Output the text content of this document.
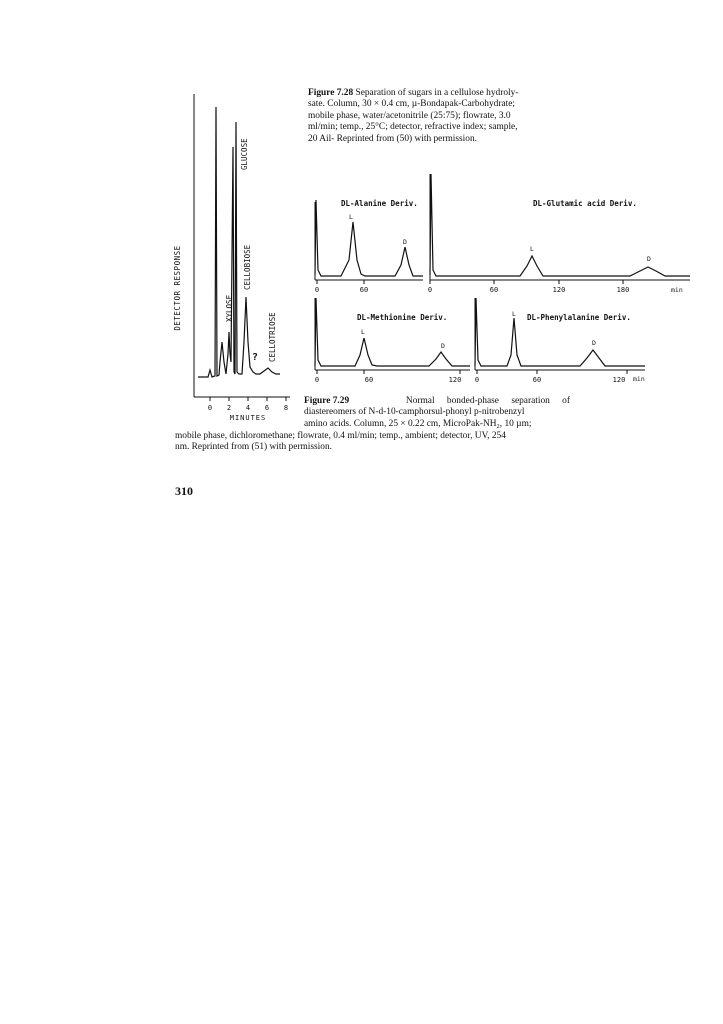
Figure 7.28 Separation of sugars in a cellulose hydroly-
sate. Column, 30 × 0.4 cm, µ-Bondapak-Carbohydrate;
mobile phase, water/acetonitrile (25:75); flowrate, 3.0
ml/min; temp., 25°C; detector, refractive index; sample,
20 Ail- Reprinted from (50) with permission.
0 2 4 6 8
MINUTES
DETECTOR RESPONSE	XYLOSE
GLUCOSE
CELLOBIOSE
CELLOTRIOSE
?
DL-Alanine Deriv.
L
D
0	60
DL-Glutamic acid Deriv.
L
D
0	60	120	180	min
DL-Methionine Deriv.
L
D
0	60	120
DL-Phenylalanine Deriv.
L
D
0	60	120 min
Figure 7.29	Normal bonded-phase separation of
diastereomers of N-d-10-camphorsul-phonyl p-nitrobenzyl
amino acids. Column, 25 × 0.22 cm, MicroPak-NH₂, 10 µm;
mobile phase, dichloromethane; flowrate, 0.4 ml/min; temp., ambient; detector, UV, 254
nm. Reprinted from (51) with permission.
310
